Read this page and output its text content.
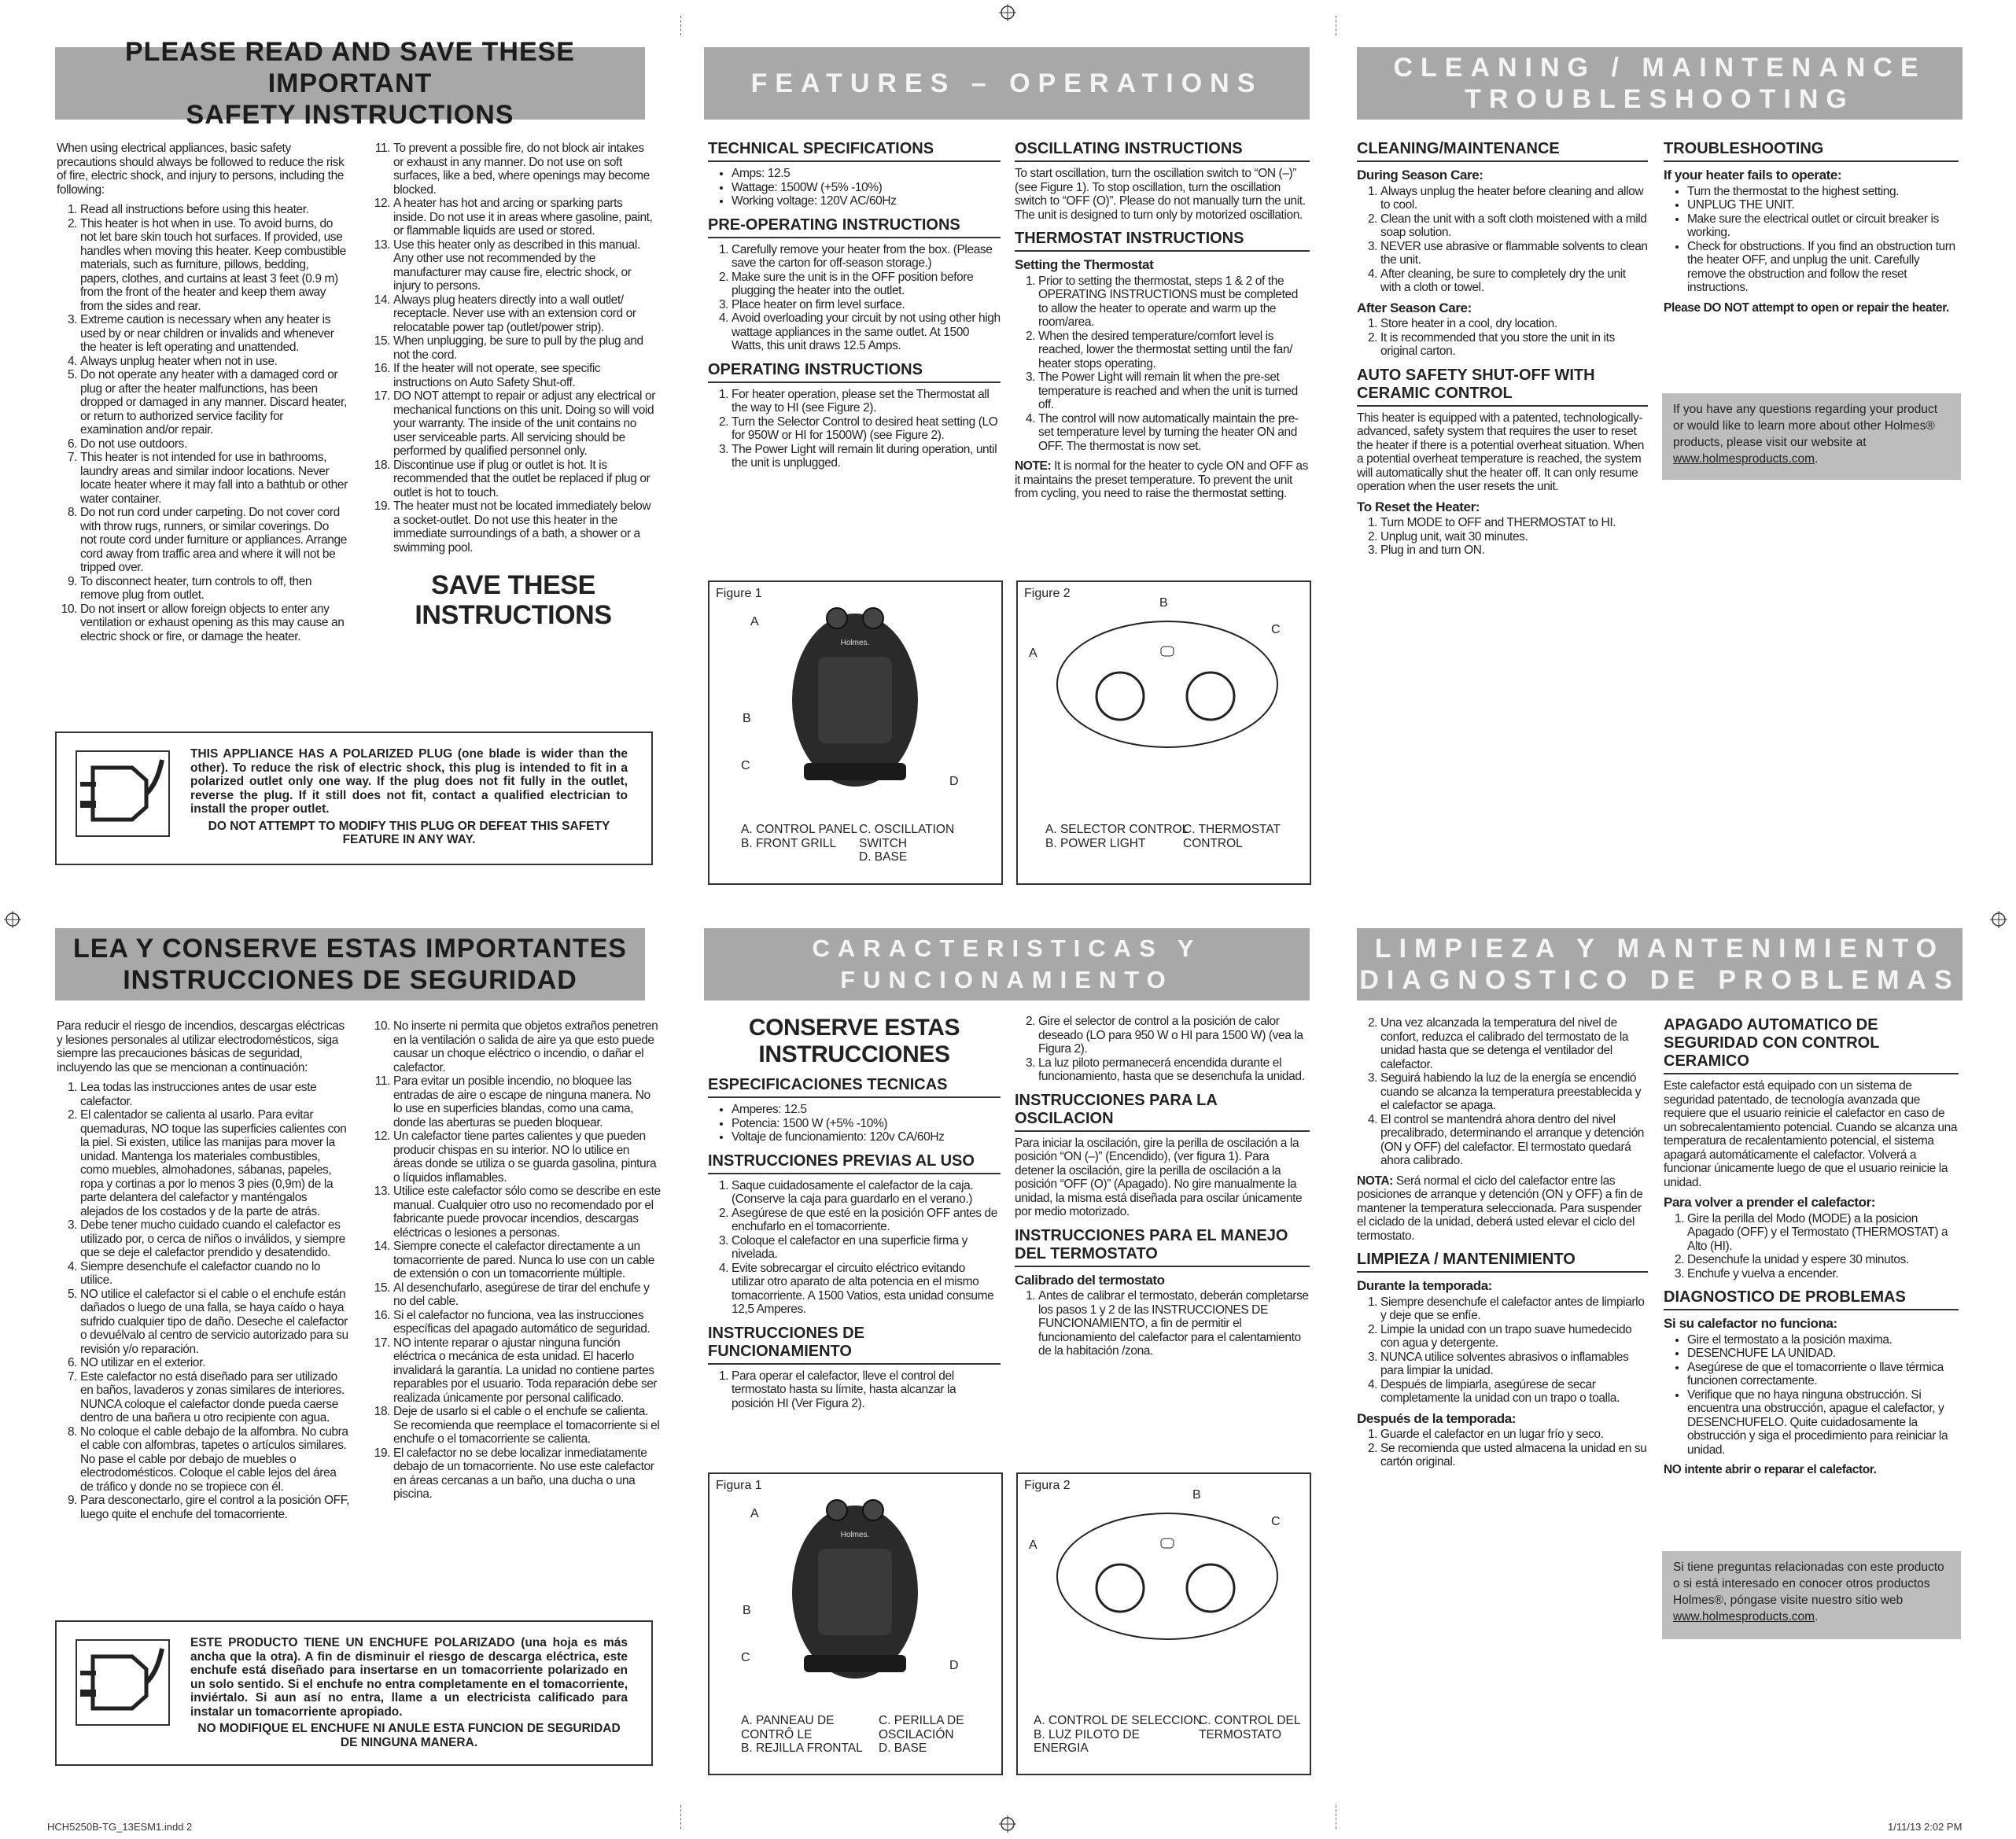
PLEASE READ AND SAVE THESE IMPORTANT
SAFETY INSTRUCTIONS

When using electrical appliances, basic safety precautions should always be followed to reduce the risk of fire, electric shock, and injury to persons, including the following:

1. Read all instructions before using this heater.
2. This heater is hot when in use. To avoid burns, do not let bare skin touch hot surfaces. If provided, use handles when moving this heater. Keep combustible materials, such as furniture, pillows, bedding, papers, clothes, and curtains at least 3 feet (0.9 m) from the front of the heater and keep them away from the sides and rear.
3. Extreme caution is necessary when any heater is used by or near children or invalids and whenever the heater is left operating and unattended.
4. Always unplug heater when not in use.
5. Do not operate any heater with a damaged cord or plug or after the heater malfunctions, has been dropped or damaged in any manner. Discard heater, or return to authorized service facility for examination and/or repair.
6. Do not use outdoors.
7. This heater is not intended for use in bathrooms, laundry areas and similar indoor locations. Never locate heater where it may fall into a bathtub or other water container.
8. Do not run cord under carpeting. Do not cover cord with throw rugs, runners, or similar coverings. Do not route cord under furniture or appliances. Arrange cord away from traffic area and where it will not be tripped over.
9. To disconnect heater, turn controls to off, then remove plug from outlet.
10. Do not insert or allow foreign objects to enter any ventilation or exhaust opening as this may cause an electric shock or fire, or damage the heater.
11. To prevent a possible fire, do not block air intakes or exhaust in any manner. Do not use on soft surfaces, like a bed, where openings may become blocked.
12. A heater has hot and arcing or sparking parts inside. Do not use it in areas where gasoline, paint, or flammable liquids are used or stored.
13. Use this heater only as described in this manual. Any other use not recommended by the manufacturer may cause fire, electric shock, or injury to persons.
14. Always plug heaters directly into a wall outlet/ receptacle. Never use with an extension cord or relocatable power tap (outlet/power strip).
15. When unplugging, be sure to pull by the plug and not the cord.
16. If the heater will not operate, see specific instructions on Auto Safety Shut-off.
17. DO NOT attempt to repair or adjust any electrical or mechanical functions on this unit. Doing so will void your warranty. The inside of the unit contains no user serviceable parts. All servicing should be performed by qualified personnel only.
18. Discontinue use if plug or outlet is hot. It is recommended that the outlet be replaced if plug or outlet is hot to touch.
19. The heater must not be located immediately below a socket-outlet. Do not use this heater in the immediate surroundings of a bath, a shower or a swimming pool.
SAVE THESE
INSTRUCTIONS
THIS APPLIANCE HAS A POLARIZED PLUG (one blade is wider than the other). To reduce the risk of electric shock, this plug is intended to fit in a polarized outlet only one way. If the plug does not fit fully in the outlet, reverse the plug. If it still does not fit, contact a qualified electrician to install the proper outlet.
DO NOT ATTEMPT TO MODIFY THIS PLUG OR DEFEAT THIS SAFETY FEATURE IN ANY WAY.
FEATURES – OPERATIONS
TECHNICAL SPECIFICATIONS
• Amps: 12.5
• Wattage: 1500W (+5% -10%)
• Working voltage: 120V AC/60Hz
PRE-OPERATING INSTRUCTIONS
1. Carefully remove your heater from the box. (Please save the carton for off-season storage.)
2. Make sure the unit is in the OFF position before plugging the heater into the outlet.
3. Place heater on firm level surface.
4. Avoid overloading your circuit by not using other high wattage appliances in the same outlet. At 1500 Watts, this unit draws 12.5 Amps.
OPERATING INSTRUCTIONS
1. For heater operation, please set the Thermostat all the way to HI (see Figure 2).
2. Turn the Selector Control to desired heat setting (LO for 950W or HI for 1500W) (see Figure 2).
3. The Power Light will remain lit during operation, until the unit is unplugged.
OSCILLATING INSTRUCTIONS

To start oscillation, turn the oscillation switch to “ON (–)” (see Figure 1). To stop oscillation, turn the oscillation switch to “OFF (O)”. Please do not manually turn the unit. The unit is designed to turn only by motorized oscillation.

THERMOSTAT INSTRUCTIONS
Setting the Thermostat
1. Prior to setting the thermostat, steps 1 & 2 of the OPERATING INSTRUCTIONS must be completed to allow the heater to operate and warm up the room/area.
2. When the desired temperature/comfort level is reached, lower the thermostat setting until the fan/ heater stops operating.
3. The Power Light will remain lit when the pre-set temperature is reached and when the unit is turned off.
4. The control will now automatically maintain the pre-set temperature level by turning the heater ON and OFF. The thermostat is now set.

NOTE: It is normal for the heater to cycle ON and OFF as it maintains the preset temperature. To prevent the unit from cycling, you need to raise the thermostat setting.

Figure 1
Holmes.
A
B
C
D
A. CONTROL PANEL
B. FRONT GRILL
C. OSCILLATION
SWITCH
D. BASE
Figure 2
B
A
C
A. SELECTOR CONTROL
B. POWER LIGHT
C. THERMOSTAT
CONTROL
CLEANING / MAINTENANCE
TROUBLESHOOTING
CLEANING/MAINTENANCE
During Season Care:
1. Always unplug the heater before cleaning and allow to cool.
2. Clean the unit with a soft cloth moistened with a mild soap solution.
3. NEVER use abrasive or flammable solvents to clean the unit.
4. After cleaning, be sure to completely dry the unit with a cloth or towel.
After Season Care:
1. Store heater in a cool, dry location.
2. It is recommended that you store the unit in its original carton.
AUTO SAFETY SHUT-OFF WITH CERAMIC CONTROL

This heater is equipped with a patented, technologically-advanced, safety system that requires the user to reset the heater if there is a potential overheat situation. When a potential overheat temperature is reached, the system will automatically shut the heater off. It can only resume operation when the user resets the unit.

To Reset the Heater:
1. Turn MODE to OFF and THERMOSTAT to HI.
2. Unplug unit, wait 30 minutes.
3. Plug in and turn ON.
TROUBLESHOOTING
If your heater fails to operate:
• Turn the thermostat to the highest setting.
• UNPLUG THE UNIT.
• Make sure the electrical outlet or circuit breaker is working.
• Check for obstructions. If you find an obstruction turn the heater OFF, and unplug the unit. Carefully remove the obstruction and follow the reset instructions.

Please DO NOT attempt to open or repair the heater.

If you have any questions regarding your product or would like to learn more about other Holmes® products, please visit our website at www.holmesproducts.com.
LEA Y CONSERVE ESTAS IMPORTANTES
INSTRUCCIONES DE SEGURIDAD

Para reducir el riesgo de incendios, descargas eléctricas y lesiones personales al utilizar electrodomésticos, siga siempre las precauciones básicas de seguridad, incluyendo las que se mencionan a continuación:

1. Lea todas las instrucciones antes de usar este calefactor.
2. El calentador se calienta al usarlo. Para evitar quemaduras, NO toque las superficies calientes con la piel. Si existen, utilice las manijas para mover la unidad. Mantenga los materiales combustibles, como muebles, almohadones, sábanas, papeles, ropa y cortinas a por lo menos 3 pies (0,9m) de la parte delantera del calefactor y manténgalos alejados de los costados y de la parte de atrás.
3. Debe tener mucho cuidado cuando el calefactor es utilizado por, o cerca de niños o inválidos, y siempre que se deje el calefactor prendido y desatendido.
4. Siempre desenchufe el calefactor cuando no lo utilice.
5. NO utilice el calefactor si el cable o el enchufe están dañados o luego de una falla, se haya caído o haya sufrido cualquier tipo de daño. Deseche el calefactor o devuélvalo al centro de servicio autorizado para su revisión y/o reparación.
6. NO utilizar en el exterior.
7. Este calefactor no está diseñado para ser utilizado en baños, lavaderos y zonas similares de interiores. NUNCA coloque el calefactor donde pueda caerse dentro de una bañera u otro recipiente con agua.
8. No coloque el cable debajo de la alfombra. No cubra el cable con alfombras, tapetes o artículos similares. No pase el cable por debajo de muebles o electrodomésticos. Coloque el cable lejos del área de tráfico y donde no se tropiece con él.
9. Para desconectarlo, gire el control a la posición OFF, luego quite el enchufe del tomacorriente.
10. No inserte ni permita que objetos extraños penetren en la ventilación o salida de aire ya que esto puede causar un choque eléctrico o incendio, o dañar el calefactor.
11. Para evitar un posible incendio, no bloquee las entradas de aire o escape de ninguna manera. No lo use en superficies blandas, como una cama, donde las aberturas se pueden bloquear.
12. Un calefactor tiene partes calientes y que pueden producir chispas en su interior. NO lo utilice en áreas donde se utiliza o se guarda gasolina, pintura o líquidos inflamables.
13. Utilice este calefactor sólo como se describe en este manual. Cualquier otro uso no recomendado por el fabricante puede provocar incendios, descargas eléctricas o lesiones a personas.
14. Siempre conecte el calefactor directamente a un tomacorriente de pared. Nunca lo use con un cable de extensión o con un tomacorriente múltiple.
15. Al desenchufarlo, asegúrese de tirar del enchufe y no del cable.
16. Si el calefactor no funciona, vea las instrucciones específicas del apagado automático de seguridad.
17. NO intente reparar o ajustar ninguna función eléctrica o mecánica de esta unidad. El hacerlo invalidará la garantía. La unidad no contiene partes reparables por el usuario. Toda reparación debe ser realizada únicamente por personal calificado.
18. Deje de usarlo si el cable o el enchufe se calienta. Se recomienda que reemplace el tomacorriente si el enchufe o el tomacorriente se calienta.
19. El calefactor no se debe localizar inmediatamente debajo de un tomacorriente. No use este calefactor en áreas cercanas a un baño, una ducha o una piscina.
ESTE PRODUCTO TIENE UN ENCHUFE POLARIZADO (una hoja es más ancha que la otra). A fin de disminuir el riesgo de descarga eléctrica, este enchufe está diseñado para insertarse en un tomacorriente polarizado en un solo sentido. Si el enchufe no entra completamente en el tomacorriente, inviértalo. Si aun así no entra, llame a un electricista calificado para instalar un tomacorriente apropiado.
NO MODIFIQUE EL ENCHUFE NI ANULE ESTA FUNCION DE SEGURIDAD DE NINGUNA MANERA.
CARACTERISTICAS Y FUNCIONAMIENTO
CONSERVE ESTAS
INSTRUCCIONES
ESPECIFICACIONES TECNICAS
• Amperes: 12.5
• Potencia: 1500 W (+5% -10%)
• Voltaje de funcionamiento: 120v CA/60Hz
INSTRUCCIONES PREVIAS AL USO
1. Saque cuidadosamente el calefactor de la caja. (Conserve la caja para guardarlo en el verano.)
2. Asegúrese de que esté en la posición OFF antes de enchufarlo en el tomacorriente.
3. Coloque el calefactor en una superficie firma y nivelada.
4. Evite sobrecargar el circuito eléctrico evitando utilizar otro aparato de alta potencia en el mismo tomacorriente. A 1500 Vatios, esta unidad consume 12,5 Amperes.
INSTRUCCIONES DE FUNCIONAMIENTO
1. Para operar el calefactor, lleve el control del termostato hasta su límite, hasta alcanzar la posición HI (Ver Figura 2).
2. Gire el selector de control a la posición de calor deseado (LO para 950 W o HI para 1500 W) (vea la Figura 2).
3. La luz piloto permanecerá encendida durante el funcionamiento, hasta que se desenchufa la unidad.
INSTRUCCIONES PARA LA OSCILACION

Para iniciar la oscilación, gire la perilla de oscilación a la posición “ON (–)” (Encendido), (ver figura 1). Para detener la oscilación, gire la perilla de oscilación a la posición “OFF (O)” (Apagado). No gire manualmente la unidad, la misma está diseñada para oscilar únicamente por medio motorizado.

INSTRUCCIONES PARA EL MANEJO DEL TERMOSTATO
Calibrado del termostato
1. Antes de calibrar el termostato, deberán completarse los pasos 1 y 2 de las INSTRUCCIONES DE FUNCIONAMIENTO, a fin de permitir el funcionamiento del calefactor para el calentamiento de la habitación /zona.
Figura 1
Holmes.
A
B
C
D
A. PANNEAU DE
CONTRÔ LE
B. REJILLA FRONTAL
C. PERILLA DE
OSCILACIÓN
D. BASE
Figura 2
B
A
C
A. CONTROL DE SELECCION
B. LUZ PILOTO DE
ENERGIA
C. CONTROL DEL
TERMOSTATO
LIMPIEZA Y MANTENIMIENTO
DIAGNOSTICO DE PROBLEMAS
2. Una vez alcanzada la temperatura del nivel de confort, reduzca el calibrado del termostato de la unidad hasta que se detenga el ventilador del calefactor.
3. Seguirá habiendo la luz de la energía se encendió cuando se alcanza la temperatura preestablecida y el calefactor se apaga.
4. El control se mantendrá ahora dentro del nivel precalibrado, determinando el arranque y detención (ON y OFF) del calefactor. El termostato quedará ahora calibrado.

NOTA: Será normal el ciclo del calefactor entre las posiciones de arranque y detención (ON y OFF) a fin de mantener la temperatura seleccionada. Para suspender el ciclado de la unidad, deberá usted elevar el ciclo del termostato.

LIMPIEZA / MANTENIMIENTO
Durante la temporada:
1. Siempre desenchufe el calefactor antes de limpiarlo y deje que se enfíe.
2. Limpie la unidad con un trapo suave humedecido con agua y detergente.
3. NUNCA utilice solventes abrasivos o inflamables para limpiar la unidad.
4. Después de limpiarla, asegúrese de secar completamente la unidad con un trapo o toalla.
Después de la temporada:
1. Guarde el calefactor en un lugar frío y seco.
2. Se recomienda que usted almacena la unidad en su cartón original.
APAGADO AUTOMATICO DE SEGURIDAD CON CONTROL CERAMICO

Este calefactor está equipado con un sistema de seguridad patentado, de tecnología avanzada que requiere que el usuario reinicie el calefactor en caso de un sobrecalentamiento potencial. Cuando se alcanza una temperatura de recalentamiento potencial, el sistema apagará automáticamente el calefactor. Volverá a funcionar únicamente luego de que el usuario reinicie la unidad.

Para volver a prender el calefactor:
1. Gire la perilla del Modo (MODE) a la posicion Apagado (OFF) y el Termostato (THERMOSTAT) a Alto (HI).
2. Desenchufe la unidad y espere 30 minutos.
3. Enchufe y vuelva a encender.
DIAGNOSTICO DE PROBLEMAS
Si su calefactor no funciona:
• Gire el termostato a la posición maxima.
• DESENCHUFE LA UNIDAD.
• Asegúrese de que el tomacorriente o llave térmica funcionen correctamente.
• Verifique que no haya ninguna obstrucción. Si encuentra una obstrucción, apague el calefactor, y DESENCHUFELO. Quite cuidadosamente la obstrucción y siga el procedimiento para reiniciar la unidad.

NO intente abrir o reparar el calefactor.

Si tiene preguntas relacionadas con este producto o si está interesado en conocer otros productos Holmes®, póngase visite nuestro sitio web www.holmesproducts.com.
HCH5250B-TG_13ESM1.indd 2	1/11/13 2:02 PM
